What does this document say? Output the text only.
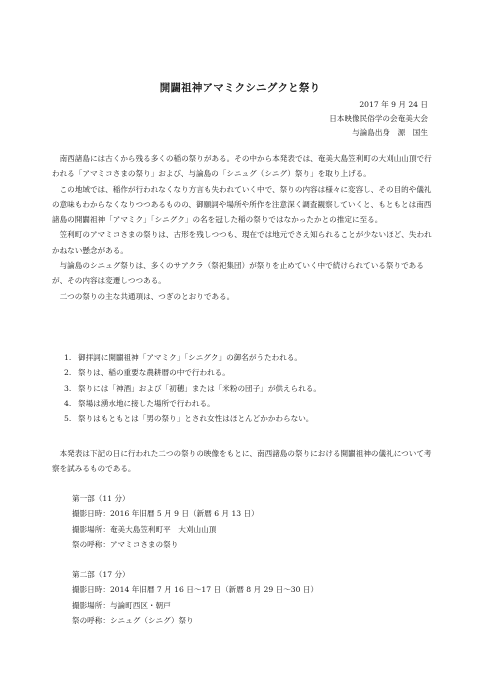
開闢祖神アマミクシニグクと祭り
2017 年 9 月 24 日
日本映像民俗学の会奄美大会
与論島出身　源　国生

南西諸島には古くから残る多くの稲の祭りがある。その中から本発表では、奄美大島笠利町の大刈山山頂で行われる「アマミコさまの祭り」および、与論島の「シニュグ（シニグ）祭り」を取り上げる。

この地域では、稲作が行われなくなり方言も失われていく中で、祭りの内容は様々に変容し、その目的や儀礼の意味もわからなくなりつつあるものの、御願詞や場所や所作を注意深く調査観察していくと、もともとは南西諸島の開闢祖神「アマミク」「シニグク」の名を冠した稲の祭りではなかったかとの推定に至る。

笠利町のアマミコさまの祭りは、古形を残しつつも、現在では地元でさえ知られることが少ないほど、失われかねない懸念がある。

与論島のシニュグ祭りは、多くのサアクラ（祭祀集団）が祭りを止めていく中で続けられている祭りであるが、その内容は変遷しつつある。

二つの祭りの主な共通項は、つぎのとおりである。

1. 御拝詞に開闢祖神「アマミク」「シニグク」の御名がうたわれる。
2. 祭りは、稲の重要な農耕暦の中で行われる。
3. 祭りには「神酒」および「初穂」または「米粉の団子」が供えられる。
4. 祭場は湧水地に接した場所で行われる。
5. 祭りはもともとは「男の祭り」とされ女性はほとんどかかわらない。

本発表は下記の日に行われた二つの祭りの映像をもとに、南西諸島の祭りにおける開闢祖神の儀礼について考察を試みるものである。

第一部（11 分）
撮影日時：2016 年旧暦 5 月 9 日（新暦 6 月 13 日）
撮影場所：奄美大島笠利町平　大刈山山頂
祭の呼称：アマミコさまの祭り
第二部（17 分）
撮影日時：2014 年旧暦 7 月 16 日～17 日（新暦 8 月 29 日～30 日）
撮影場所：与論町西区・朝戸
祭の呼称：シニュグ（シニグ）祭り
